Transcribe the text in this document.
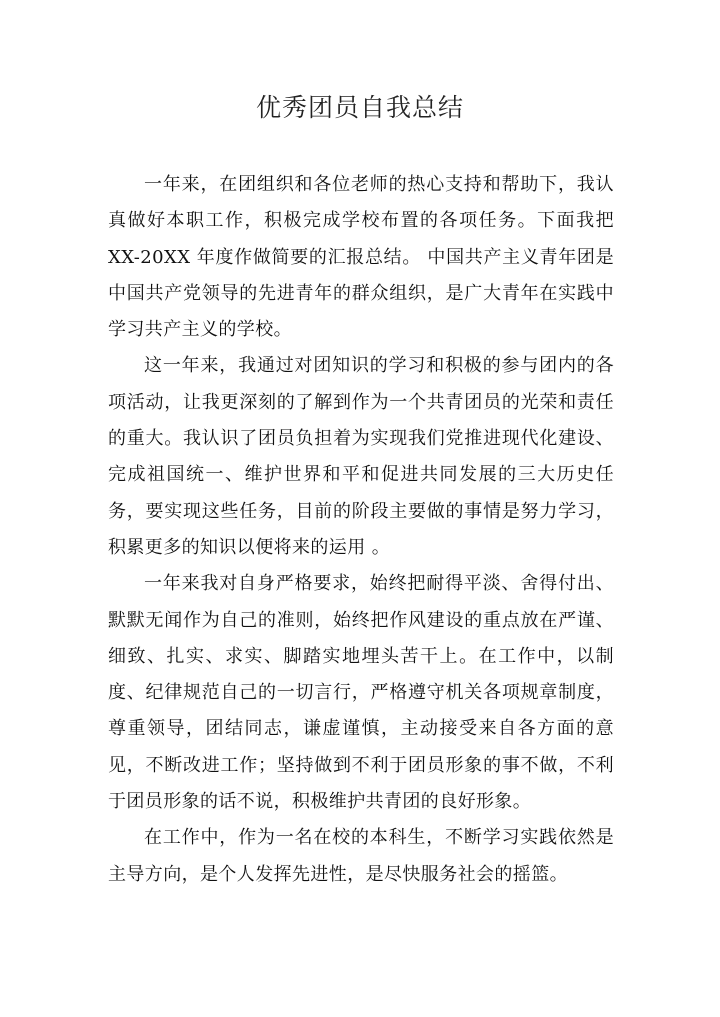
优秀团员自我总结

一年来，在团组织和各位老师的热心支持和帮助下，我认真做好本职工作，积极完成学校布置的各项任务。下面我把 XX-20XX 年度作做简要的汇报总结。 中国共产主义青年团是中国共产党领导的先进青年的群众组织，是广大青年在实践中学习共产主义的学校。

这一年来，我通过对团知识的学习和积极的参与团内的各项活动，让我更深刻的了解到作为一个共青团员的光荣和责任的重大。我认识了团员负担着为实现我们党推进现代化建设、完成祖国统一、维护世界和平和促进共同发展的三大历史任务，要实现这些任务，目前的阶段主要做的事情是努力学习，积累更多的知识以便将来的运用 。

一年来我对自身严格要求，始终把耐得平淡、舍得付出、默默无闻作为自己的准则，始终把作风建设的重点放在严谨、细致、扎实、求实、脚踏实地埋头苦干上。在工作中，以制度、纪律规范自己的一切言行，严格遵守机关各项规章制度，尊重领导，团结同志，谦虚谨慎，主动接受来自各方面的意见，不断改进工作；坚持做到不利于团员形象的事不做，不利于团员形象的话不说，积极维护共青团的良好形象。

在工作中，作为一名在校的本科生，不断学习实践依然是主导方向，是个人发挥先进性，是尽快服务社会的摇篮。
